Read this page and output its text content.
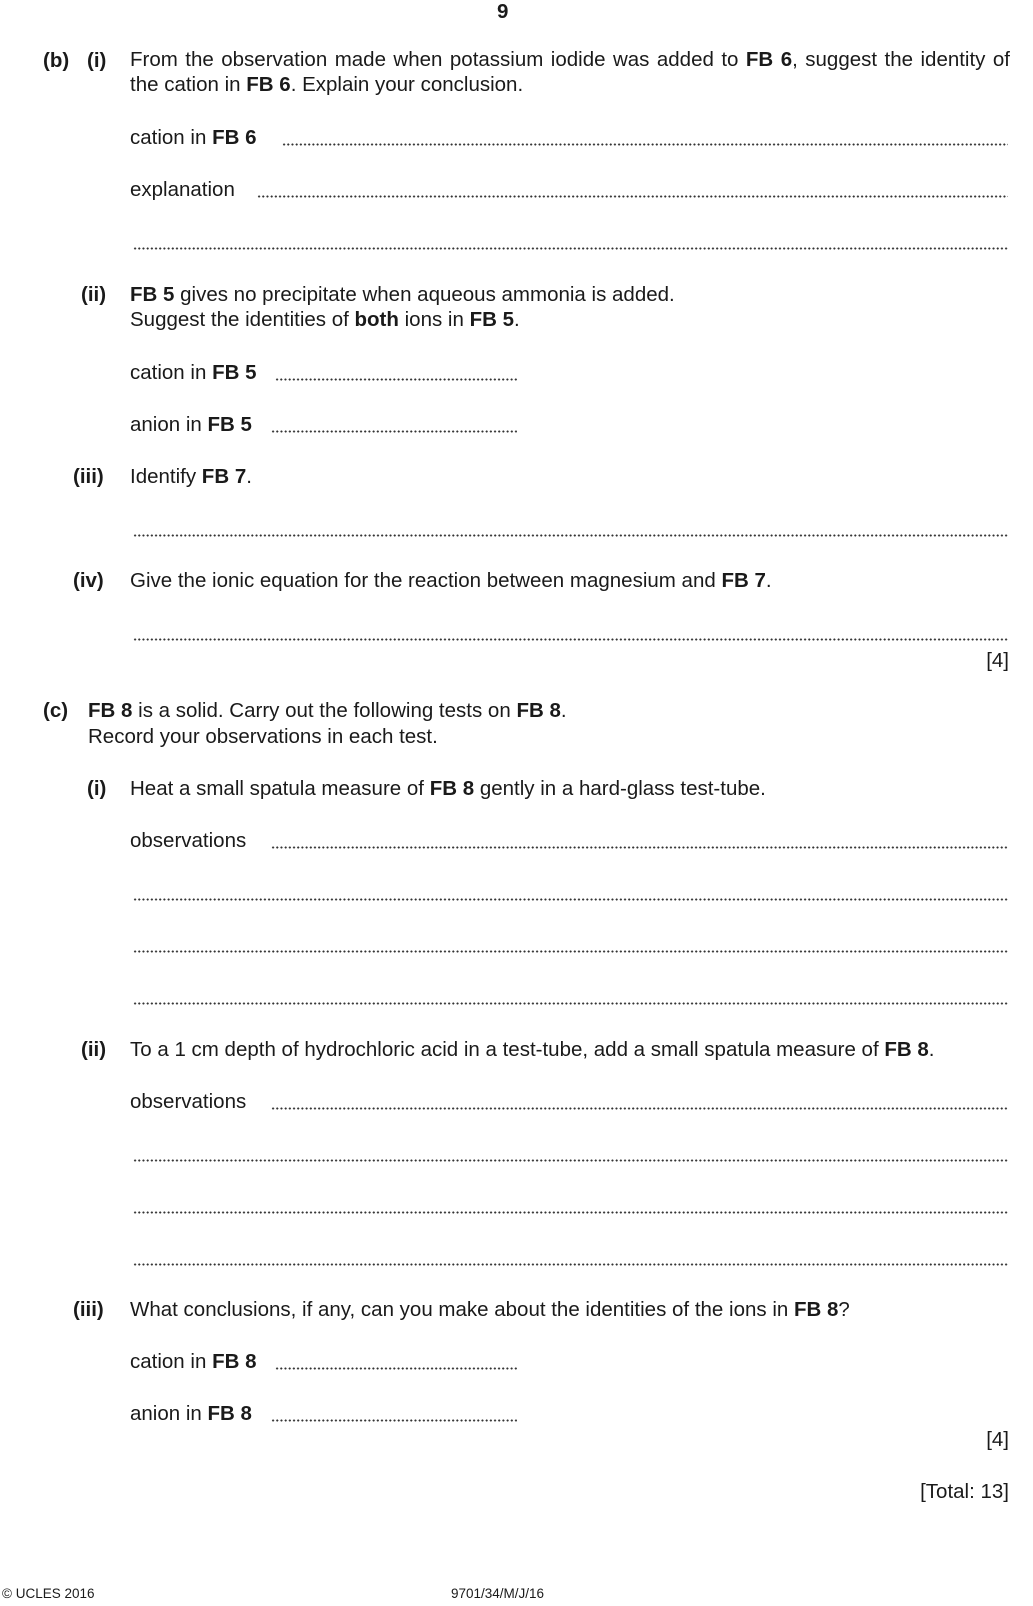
9
(b) (i) From the observation made when potassium iodide was added to FB 6, suggest the identity of the cation in FB 6. Explain your conclusion.
cation in FB 6
explanation
(ii) FB 5 gives no precipitate when aqueous ammonia is added.
Suggest the identities of both ions in FB 5.
cation in FB 5
anion in FB 5
(iii) Identify FB 7.
(iv) Give the ionic equation for the reaction between magnesium and FB 7.
[4]
(c) FB 8 is a solid. Carry out the following tests on FB 8.
Record your observations in each test.
(i) Heat a small spatula measure of FB 8 gently in a hard-glass test-tube.
observations
(ii) To a 1 cm depth of hydrochloric acid in a test-tube, add a small spatula measure of FB 8.
observations
(iii) What conclusions, if any, can you make about the identities of the ions in FB 8?
cation in FB 8
anion in FB 8
[4]
[Total: 13]
© UCLES 2016	9701/34/M/J/16
